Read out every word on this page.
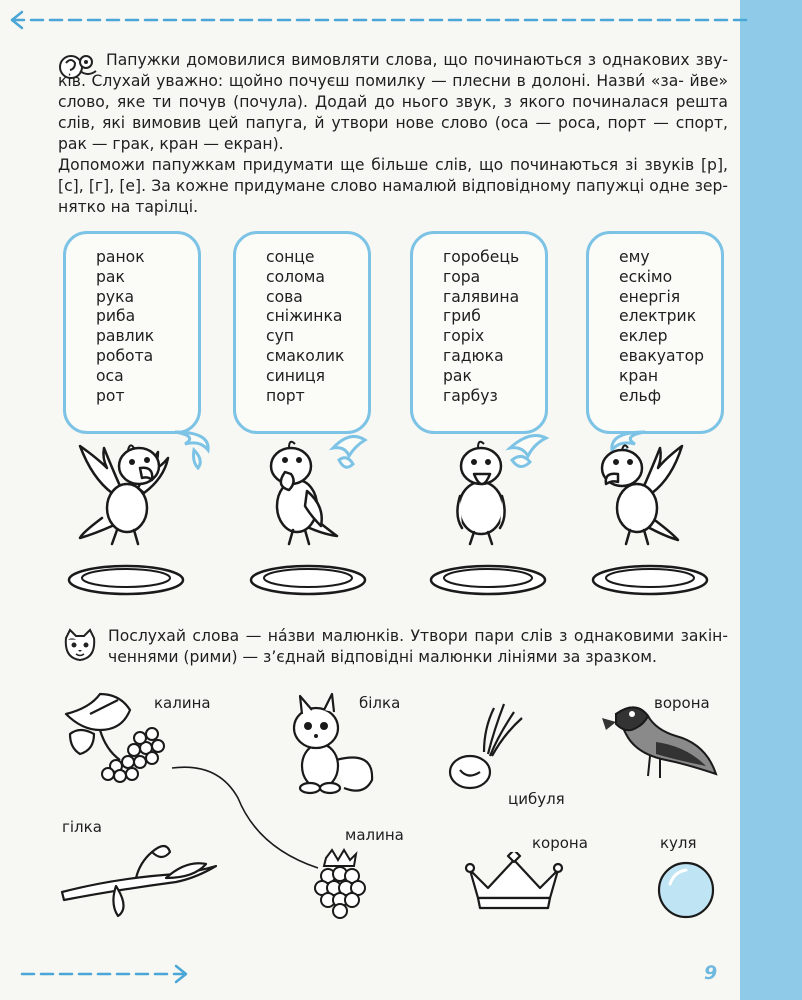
Папужки домовилися вимовляти слова, що починаються з однакових зву- ків. Слухай уважно: щойно почуєш помилку — плесни в долоні. Назви́ «за- йве» слово, яке ти почув (почула). Додай до нього звук, з якого починалася решта слів, які вимовив цей папуга, й утвори нове слово (оса — роса, порт — спорт, рак — грак, кран — екран).

Допоможи папужкам придумати ще більше слів, що починаються зі звуків [р], [с], [г], [е]. За кожне придумане слово намалюй відповідному папужці одне зер- нятко на тарілці.

ранок
рак
рука
риба
равлик
робота
оса
рот
сонце
солома
сова
сніжинка
суп
смаколик
синиця
порт
горобець
гора
галявина
гриб
горіх
гадюка
рак
гарбуз
ему
ескімо
енергія
електрик
еклер
евакуатор
кран
ельф

Послухай слова — на́зви малюнків. Утвори пари слів з однаковими закін- ченнями (рими) — з’єднай відповідні малюнки лініями за зразком.

калина	білка
цибуля
ворона
гілка	малина	корона	куля
9
